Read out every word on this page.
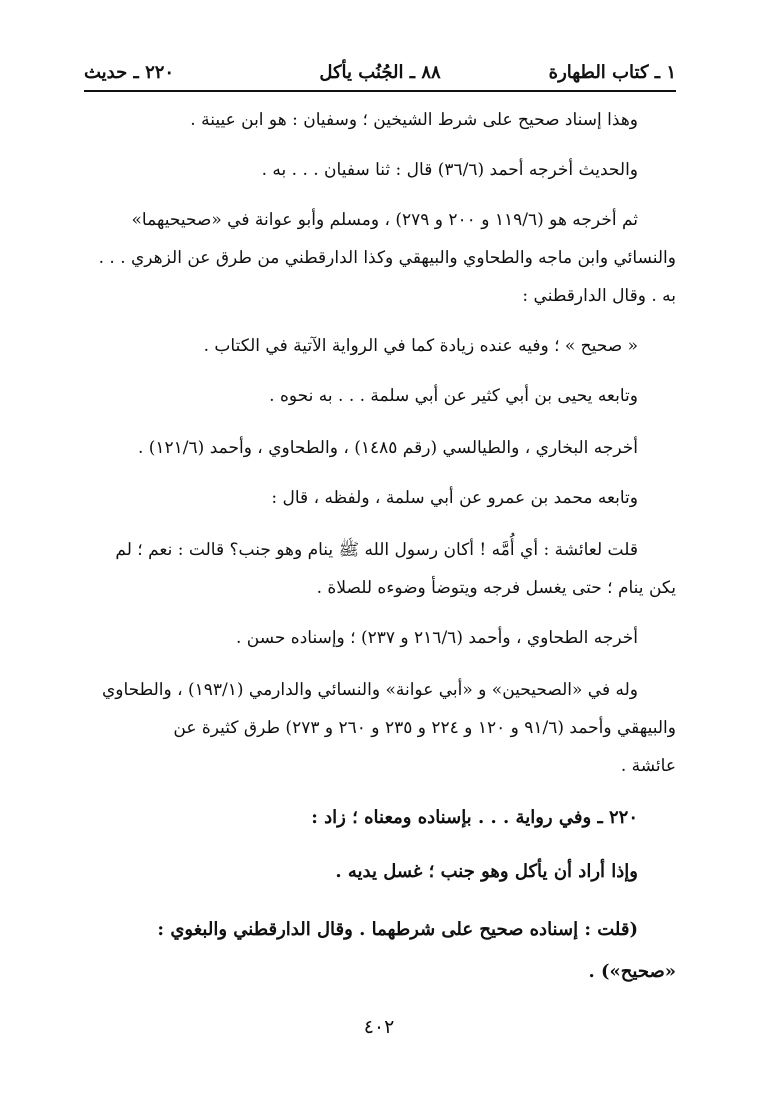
١ ـ كتاب الطهارة
٨٨ ـ الجُنُب يأكل
٢٢٠ ـ حديث
وهذا إسناد صحيح على شرط الشيخين ؛ وسفيان : هو ابن عيينة .
والحديث أخرجه أحمد (٣٦/٦) قال : ثنا سفيان . . . به .
ثم أخرجه هو (١١٩/٦ و ٢٠٠ و ٢٧٩) ، ومسلم وأبو عوانة في «صحيحيهما»
والنسائي وابن ماجه والطحاوي والبيهقي وكذا الدارقطني من طرق عن الزهري . . .
به . وقال الدارقطني :
« صحيح » ؛ وفيه عنده زيادة كما في الرواية الآتية في الكتاب .
وتابعه يحيى بن أبي كثير عن أبي سلمة . . . به نحوه .
أخرجه البخاري ، والطيالسي (رقم ١٤٨٥) ، والطحاوي ، وأحمد (١٢١/٦) .
وتابعه محمد بن عمرو عن أبي سلمة ، ولفظه ، قال :
قلت لعائشة : أي أُمَّه ! أكان رسول الله ﷺ ينام وهو جنب؟ قالت : نعم ؛ لم
يكن ينام ؛ حتى يغسل فرجه ويتوضأ وضوءه للصلاة .
أخرجه الطحاوي ، وأحمد (٢١٦/٦ و ٢٣٧) ؛ وإسناده حسن .
وله في «الصحيحين» و «أبي عوانة» والنسائي والدارمي (١٩٣/١) ، والطحاوي
والبيهقي وأحمد (٩١/٦ و ١٢٠ و ٢٢٤ و ٢٣٥ و ٢٦٠ و ٢٧٣) طرق كثيرة عن
عائشة .
٢٢٠ ـ وفي رواية . . . بإسناده ومعناه ؛ زاد :
وإذا أراد أن يأكل وهو جنب ؛ غسل يديه .
(قلت : إسناده صحيح على شرطهما . وقال الدارقطني والبغوي :
«صحيح») .
٤٠٢
